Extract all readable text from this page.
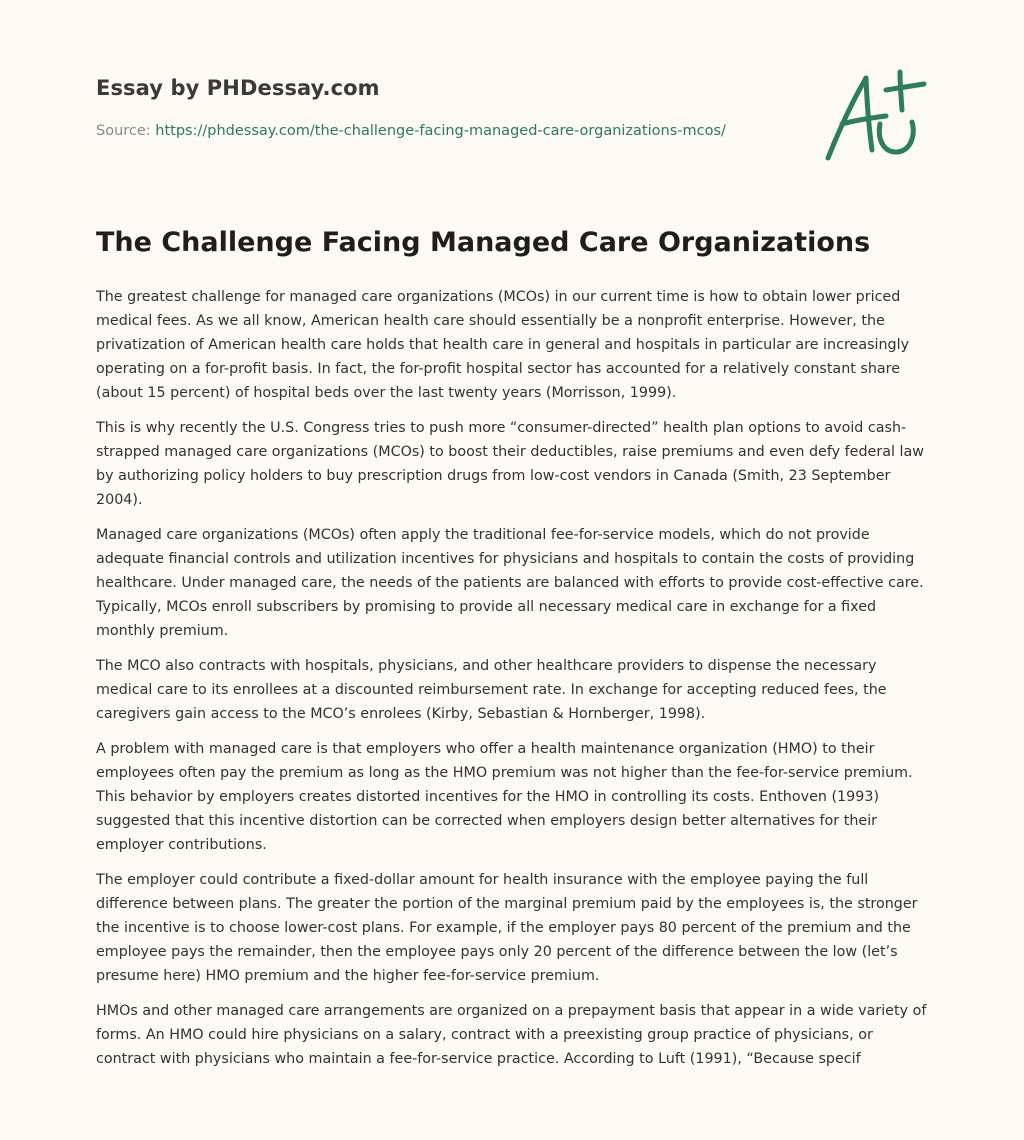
Essay by PHDessay.com
Source: https://phdessay.com/the-challenge-facing-managed-care-organizations-mcos/
The Challenge Facing Managed Care Organizations

The greatest challenge for managed care organizations (MCOs) in our current time is how to obtain lower priced medical fees. As we all know, American health care should essentially be a nonprofit enterprise. However, the privatization of American health care holds that health care in general and hospitals in particular are increasingly operating on a for-profit basis. In fact, the for-profit hospital sector has accounted for a relatively constant share (about 15 percent) of hospital beds over the last twenty years (Morrisson, 1999).

This is why recently the U.S. Congress tries to push more “consumer-directed” health plan options to avoid cash-strapped managed care organizations (MCOs) to boost their deductibles, raise premiums and even defy federal law by authorizing policy holders to buy prescription drugs from low-cost vendors in Canada (Smith, 23 September 2004).

Managed care organizations (MCOs) often apply the traditional fee-for-service models, which do not provide adequate financial controls and utilization incentives for physicians and hospitals to contain the costs of providing healthcare. Under managed care, the needs of the patients are balanced with efforts to provide cost-effective care. Typically, MCOs enroll subscribers by promising to provide all necessary medical care in exchange for a fixed monthly premium.

The MCO also contracts with hospitals, physicians, and other healthcare providers to dispense the necessary medical care to its enrollees at a discounted reimbursement rate. In exchange for accepting reduced fees, the caregivers gain access to the MCO’s enrolees (Kirby, Sebastian & Hornberger, 1998).

A problem with managed care is that employers who offer a health maintenance organization (HMO) to their employees often pay the premium as long as the HMO premium was not higher than the fee-for-service premium. This behavior by employers creates distorted incentives for the HMO in controlling its costs. Enthoven (1993) suggested that this incentive distortion can be corrected when employers design better alternatives for their employer contributions.

The employer could contribute a fixed-dollar amount for health insurance with the employee paying the full difference between plans. The greater the portion of the marginal premium paid by the employees is, the stronger the incentive is to choose lower-cost plans. For example, if the employer pays 80 percent of the premium and the employee pays the remainder, then the employee pays only 20 percent of the difference between the low (let’s presume here) HMO premium and the higher fee-for-service premium.

HMOs and other managed care arrangements are organized on a prepayment basis that appear in a wide variety of forms. An HMO could hire physicians on a salary, contract with a preexisting group practice of physicians, or contract with physicians who maintain a fee-for-service practice. According to Luft (1991), “Because specif
